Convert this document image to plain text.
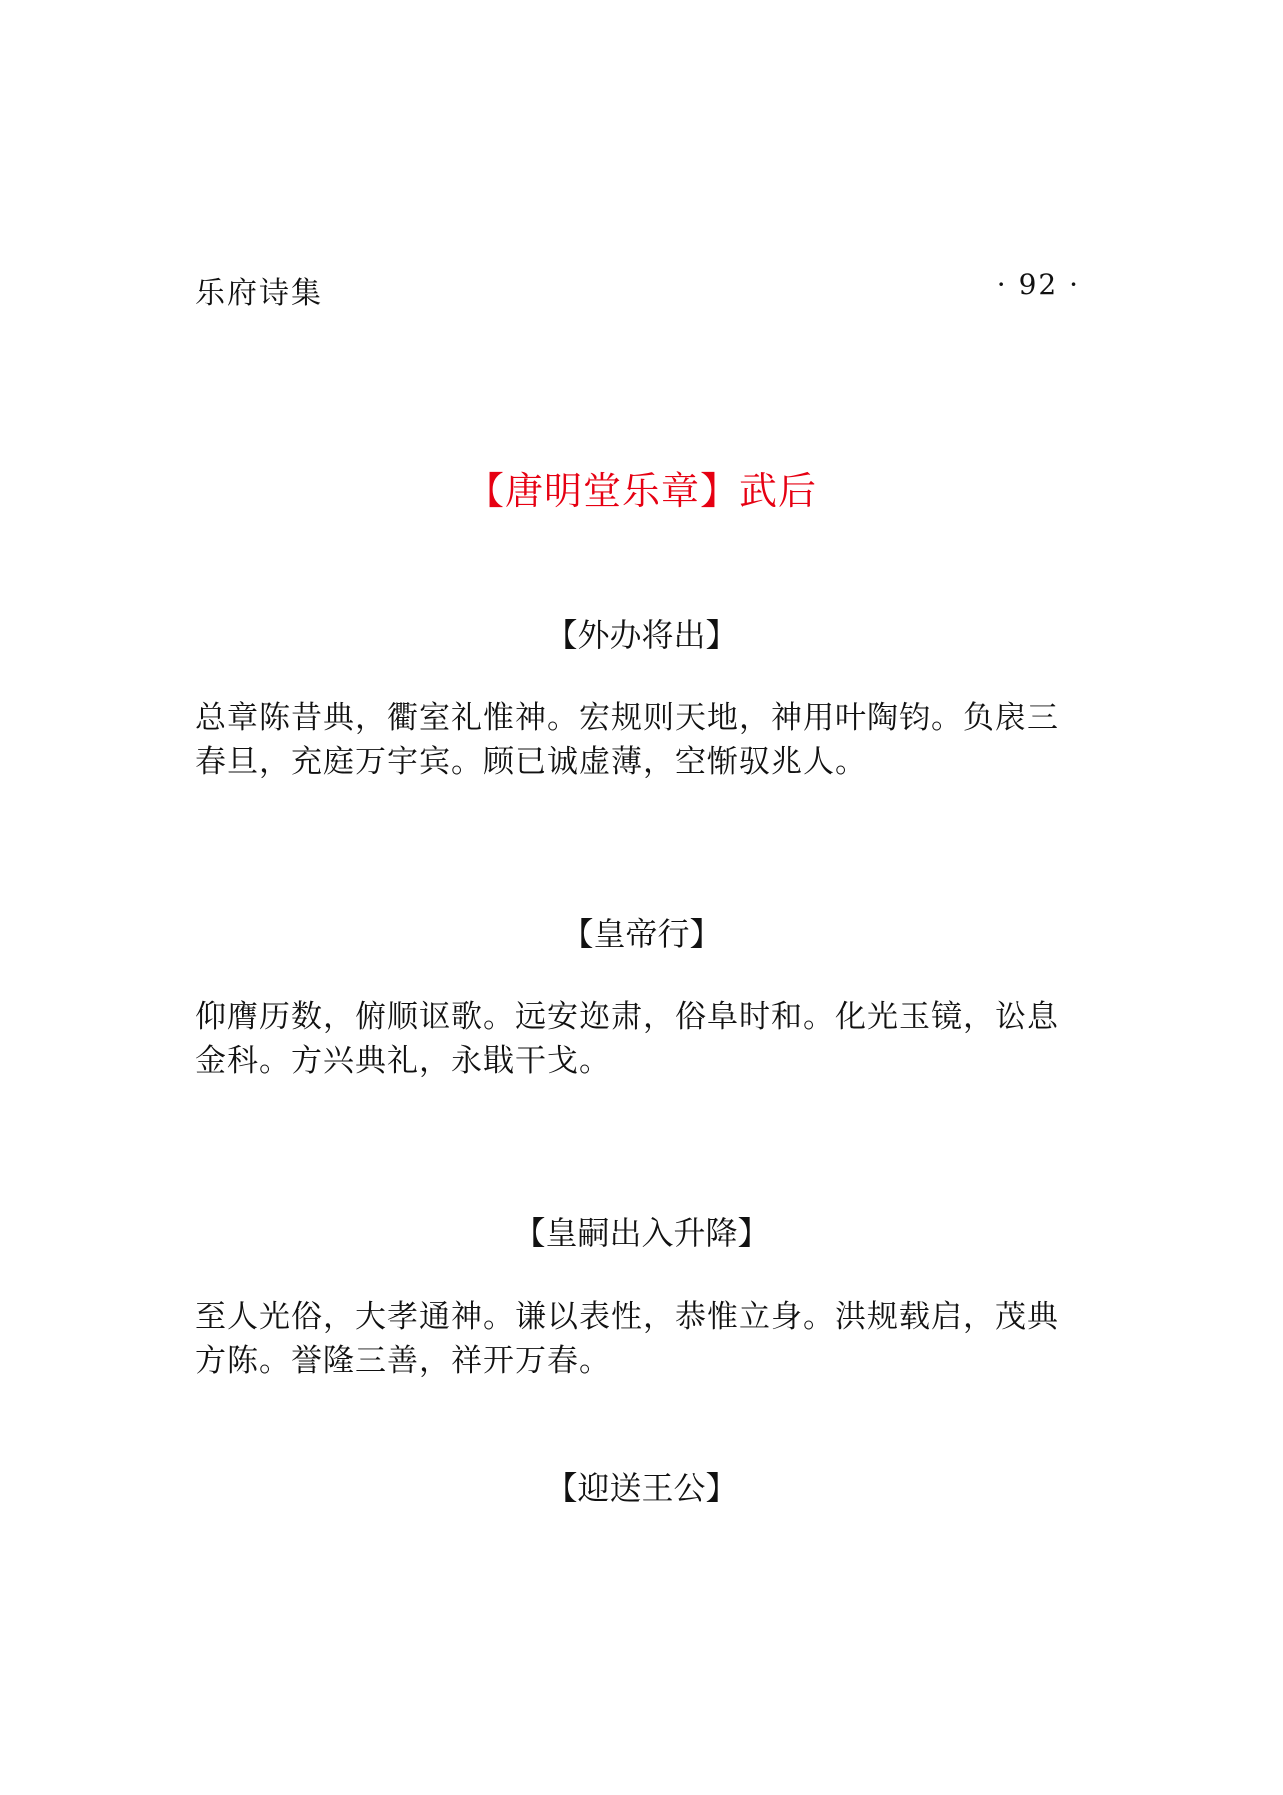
乐府诗集	· 92 ·
【唐明堂乐章】武后
【外办将出】
总章陈昔典，衢室礼惟神。宏规则天地，神用叶陶钧。负扆三
春旦，充庭万宇宾。顾已诚虚薄，空惭驭兆人。
【皇帝行】
仰膺历数，俯顺讴歌。远安迩肃，俗阜时和。化光玉镜，讼息
金科。方兴典礼，永戢干戈。
【皇嗣出入升降】
至人光俗，大孝通神。谦以表性，恭惟立身。洪规载启，茂典
方陈。誉隆三善，祥开万春。
【迎送王公】
